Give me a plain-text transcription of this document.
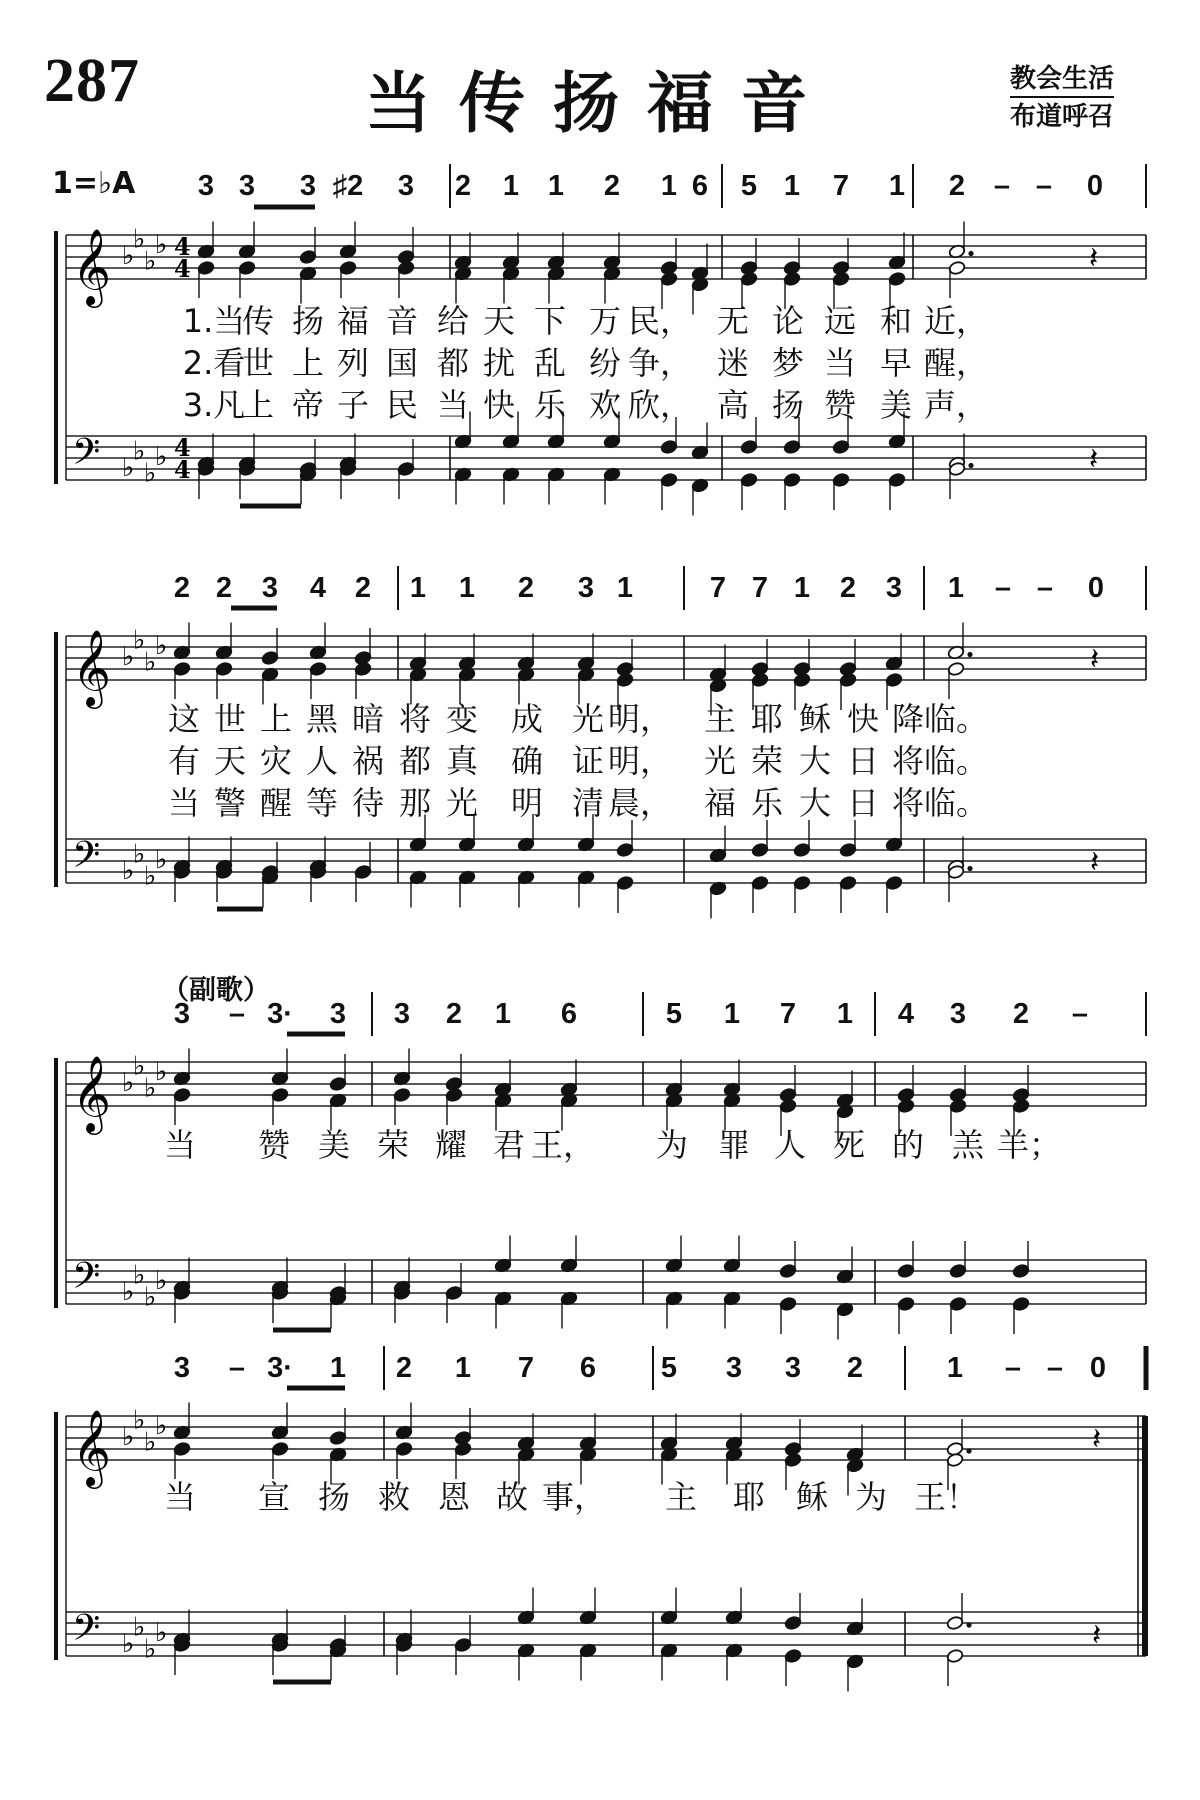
287	当传扬福音	教会生活
布道呼召
1=♭A
（副歌）
𝄞
𝄢
♭
♭
♭
♭
♭
♭
♭
♭
4
4
4
4
𝄞
𝄢
♭
♭
♭
♭
♭
♭
♭
♭
𝄞
𝄢
♭
♭
♭
♭
♭
♭
♭
♭
𝄞
𝄢
♭
♭
♭
♭
♭
♭
♭
♭
𝄽
𝄽
𝄽
𝄽
𝄽
𝄽
3 3 3 ♯2 3 2 1 1 2 1 6 5 1 7 1 2 – – 0
2 2 3 4 2 1 1 2 3 1	7 7 1 2 3 1 – – 0
3 – 3· 3 3 2 1 6	5 1 7 1 4 3 2 –
3 – 3· 1 2 1 7 6 5 3 3 2	1 – – 0
1.当
传 扬 福 音 给 天 下 万 民， 无 论 远 和 近，
2.看
世 上 列 国 都 扰 乱 纷 争， 迷 梦 当 早 醒，
3.凡
上 帝 子 民 当 快 乐 欢 欣， 高 扬 赞 美 声，
这 世 上 黑 暗 将 变 成 光 明， 主 耶 稣 快 降 临。
有 天 灾 人 祸 都 真 确 证 明， 光 荣 大 日 将 临。
当 警 醒 等 待 那 光 明 清 晨， 福 乐 大 日 将 临。
当 赞 美 荣 耀 君 王， 为 罪 人 死 的 羔 羊；
当 宣 扬 救 恩 故 事， 主 耶 稣 为 王！
